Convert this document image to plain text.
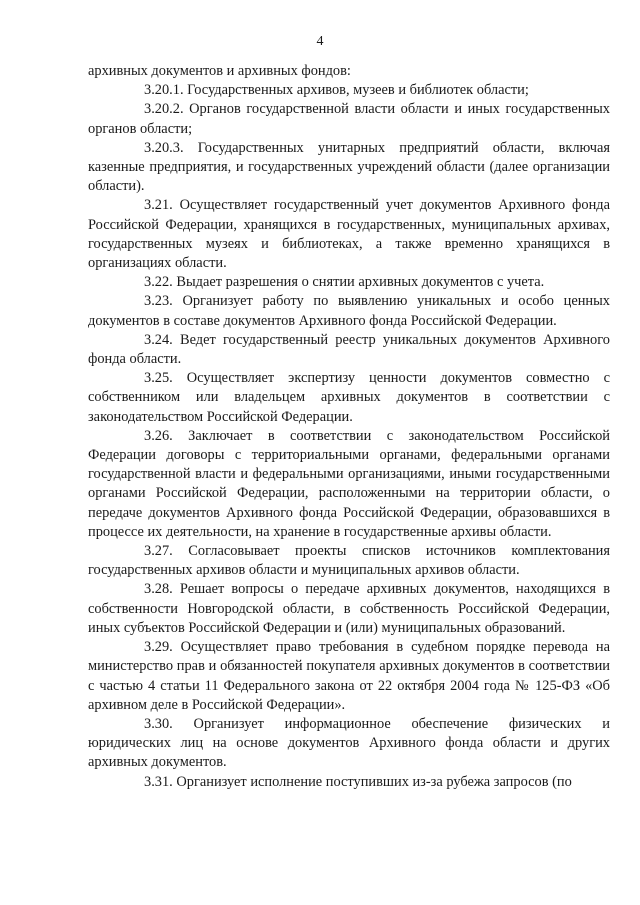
4

архивных документов и архивных фондов:

3.20.1. Государственных архивов, музеев и библиотек области;

3.20.2. Органов государственной власти области и иных государственных органов области;

3.20.3. Государственных унитарных предприятий области, включая казенные предприятия, и государственных учреждений области (далее организации области).

3.21. Осуществляет государственный учет документов Архивного фонда Российской Федерации, хранящихся в государственных, муниципальных архивах, государственных музеях и библиотеках, а также временно хранящихся в организациях области.

3.22. Выдает разрешения о снятии архивных документов с учета.

3.23. Организует работу по выявлению уникальных и особо ценных документов в составе документов Архивного фонда Российской Федерации.

3.24. Ведет государственный реестр уникальных документов Архивного фонда области.

3.25. Осуществляет экспертизу ценности документов совместно с собственником или владельцем архивных документов в соответствии с законодательством Российской Федерации.

3.26. Заключает в соответствии с законодательством Российской Федерации договоры с территориальными органами, федеральными органами государственной власти и федеральными организациями, иными государственными органами Российской Федерации, расположенными на территории области, о передаче документов Архивного фонда Российской Федерации, образовавшихся в процессе их деятельности, на хранение в государственные архивы области.

3.27. Согласовывает проекты списков источников комплектования государственных архивов области и муниципальных архивов области.

3.28. Решает вопросы о передаче архивных документов, находящихся в собственности Новгородской области, в собственность Российской Федерации, иных субъектов Российской Федерации и (или) муниципальных образований.

3.29. Осуществляет право требования в судебном порядке перевода на министерство прав и обязанностей покупателя архивных документов в соответствии с частью 4 статьи 11 Федерального закона от 22 октября 2004 года № 125-ФЗ «Об архивном деле в Российской Федерации».

3.30. Организует информационное обеспечение физических и юридических лиц на основе документов Архивного фонда области и других архивных документов.

3.31. Организует исполнение поступивших из-за рубежа запросов (по
